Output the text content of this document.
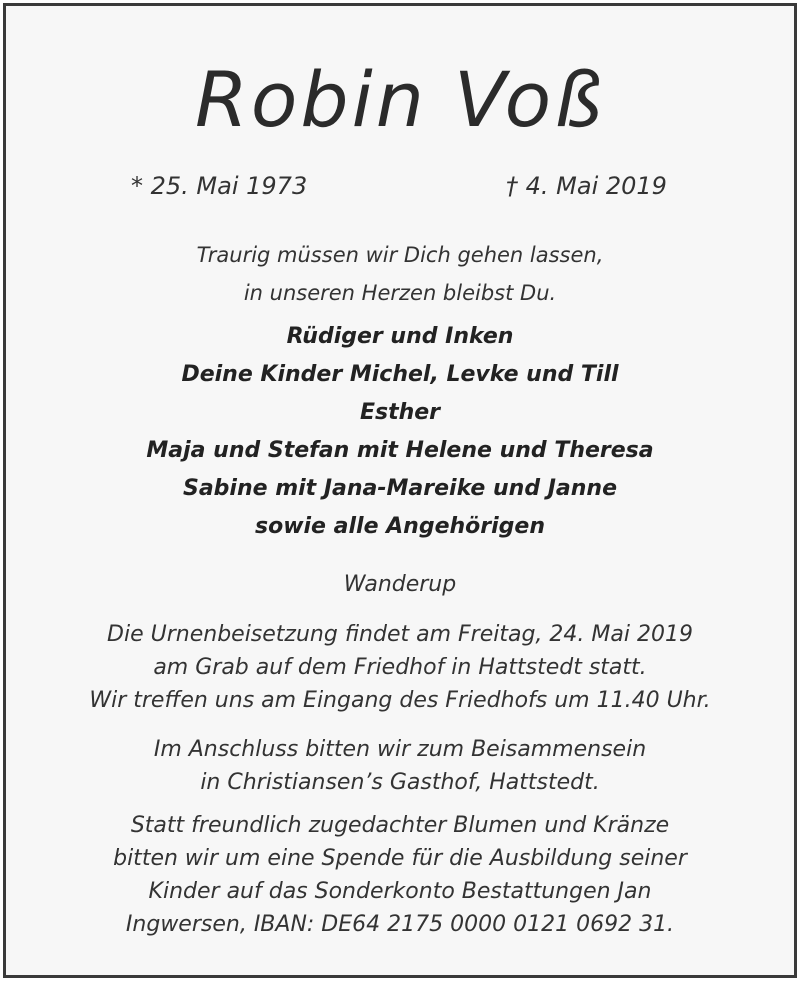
Robin Voß
* 25. Mai 1973	† 4. Mai 2019
Traurig müssen wir Dich gehen lassen,
in unseren Herzen bleibst Du.
Rüdiger und Inken
Deine Kinder Michel, Levke und Till
Esther
Maja und Stefan mit Helene und Theresa
Sabine mit Jana-Mareike und Janne
sowie alle Angehörigen
Wanderup
Die Urnenbeisetzung findet am Freitag, 24. Mai 2019
am Grab auf dem Friedhof in Hattstedt statt.
Wir treffen uns am Eingang des Friedhofs um 11.40 Uhr.
Im Anschluss bitten wir zum Beisammensein
in Christiansen’s Gasthof, Hattstedt.
Statt freundlich zugedachter Blumen und Kränze
bitten wir um eine Spende für die Ausbildung seiner
Kinder auf das Sonderkonto Bestattungen Jan
Ingwersen, IBAN: DE64 2175 0000 0121 0692 31.
